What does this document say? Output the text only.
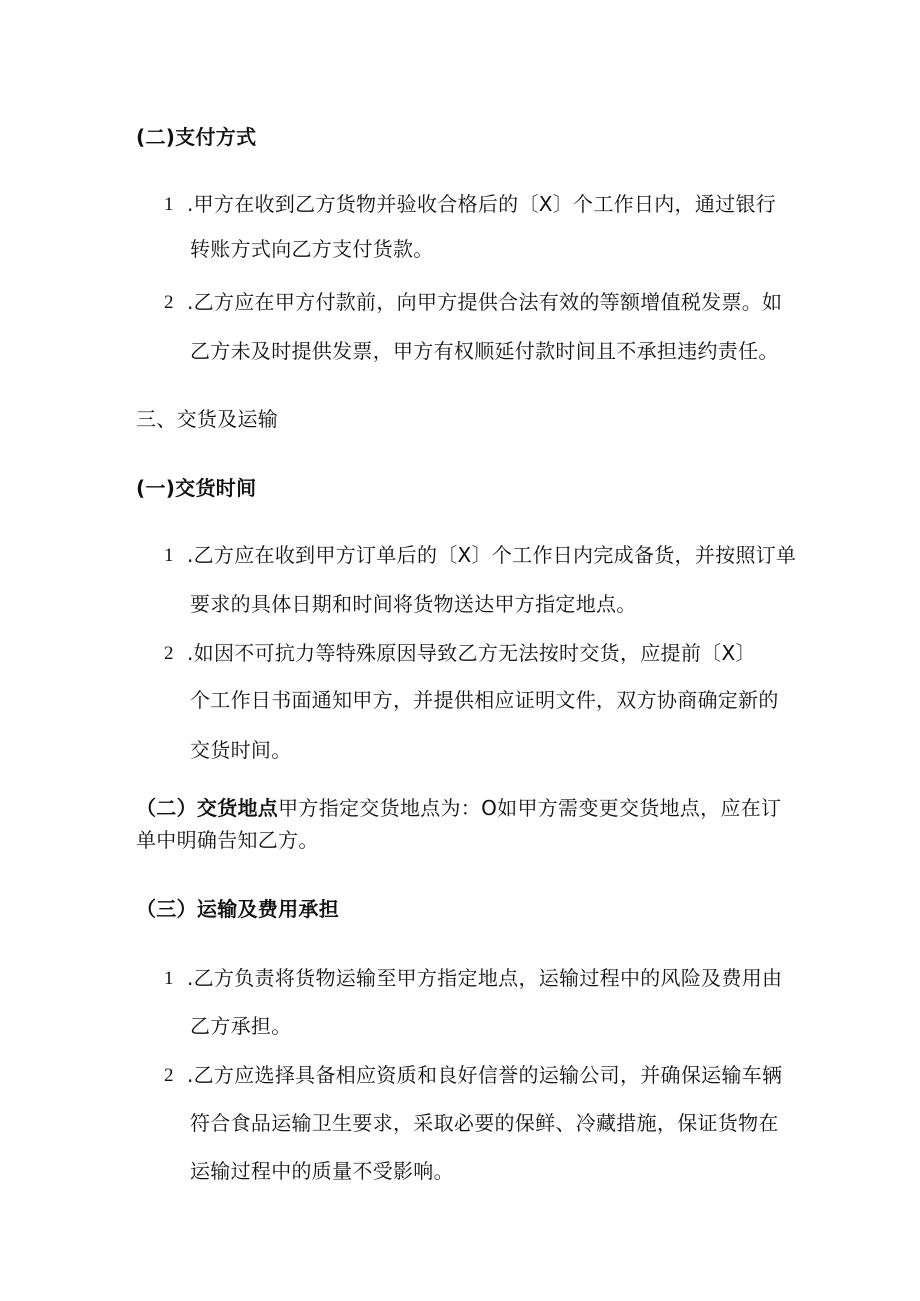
(二)支付方式
1 .甲方在收到乙方货物并验收合格后的〔X〕个工作日内，通过银行
转账方式向乙方支付货款。
2 .乙方应在甲方付款前，向甲方提供合法有效的等额增值税发票。如
乙方未及时提供发票，甲方有权顺延付款时间且不承担违约责任。
三、交货及运输
(一)交货时间
1 .乙方应在收到甲方订单后的〔X〕个工作日内完成备货，并按照订单
要求的具体日期和时间将货物送达甲方指定地点。
2 .如因不可抗力等特殊原因导致乙方无法按时交货，应提前〔X〕
个工作日书面通知甲方，并提供相应证明文件，双方协商确定新的
交货时间。
（二）交货地点甲方指定交货地点为：O如甲方需变更交货地点，应在订
单中明确告知乙方。
（三）运输及费用承担
1 .乙方负责将货物运输至甲方指定地点，运输过程中的风险及费用由
乙方承担。
2 .乙方应选择具备相应资质和良好信誉的运输公司，并确保运输车辆
符合食品运输卫生要求，采取必要的保鲜、冷藏措施，保证货物在
运输过程中的质量不受影响。
